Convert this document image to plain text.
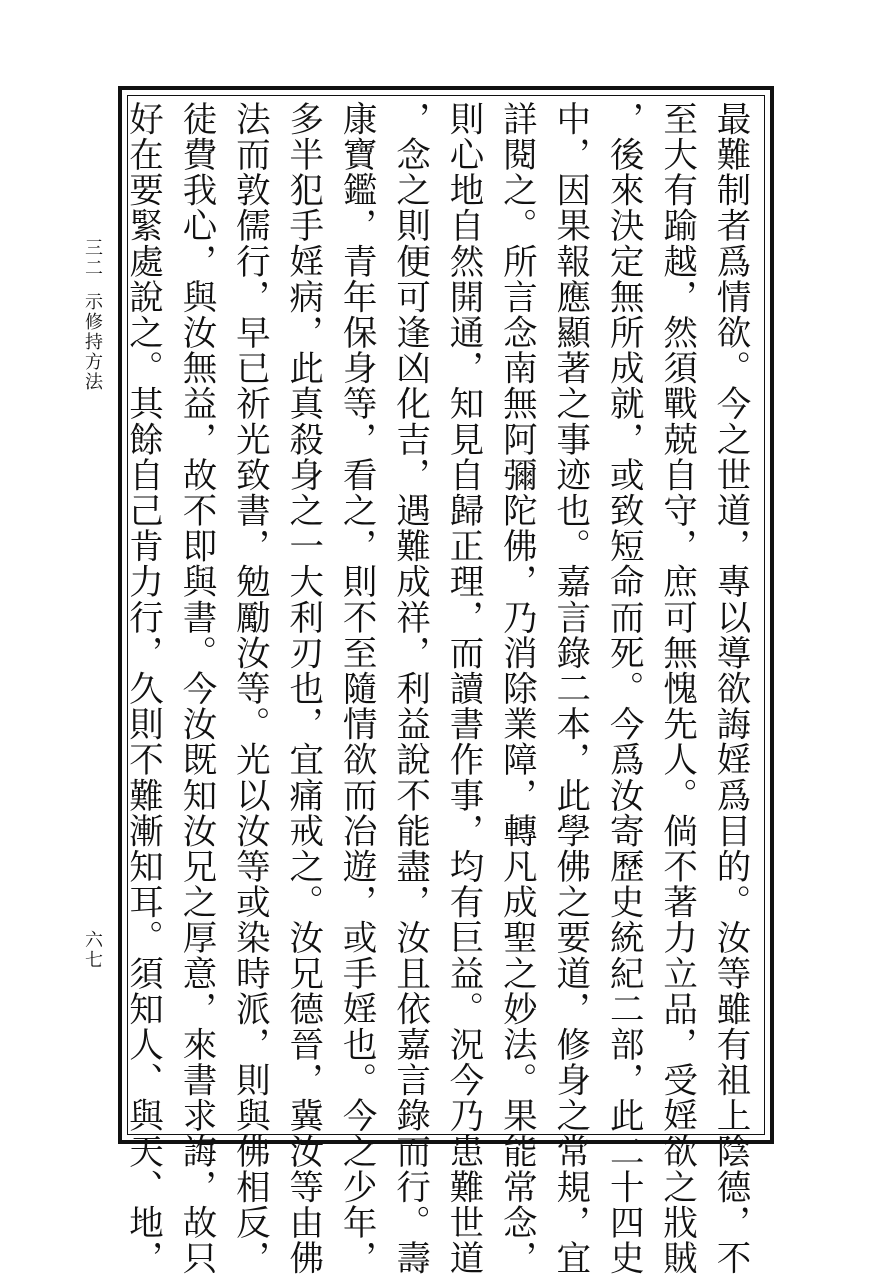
三二示修持方法
六七	最難制者爲情欲。今之世道，專以導欲誨婬爲目的。汝等雖有祖上陰德，不
至大有踰越，然須戰兢自守，庶可無愧先人。倘不著力立品，受婬欲之戕賊
，後來決定無所成就，或致短命而死。今爲汝寄歷史統紀二部，此二十四史
中，因果報應顯著之事迹也。嘉言錄二本，此學佛之要道，修身之常規，宜
詳閱之。所言念南無阿彌陀佛，乃消除業障，轉凡成聖之妙法。果能常念，
則心地自然開通，知見自歸正理，而讀書作事，均有巨益。況今乃患難世道
，念之則便可逢凶化吉，遇難成祥，利益說不能盡，汝且依嘉言錄而行。壽
康寶鑑，青年保身等，看之，則不至隨情欲而冶遊，或手婬也。今之少年，
多半犯手婬病，此真殺身之一大利刃也，宜痛戒之。汝兄德晉，冀汝等由佛
法而敦儒行，早已祈光致書，勉勵汝等。光以汝等或染時派，則與佛相反，
徒費我心，與汝無益，故不即與書。今汝既知汝兄之厚意，來書求誨，故只
好在要緊處說之。其餘自己肯力行，久則不難漸知耳。須知人、與天、地，
